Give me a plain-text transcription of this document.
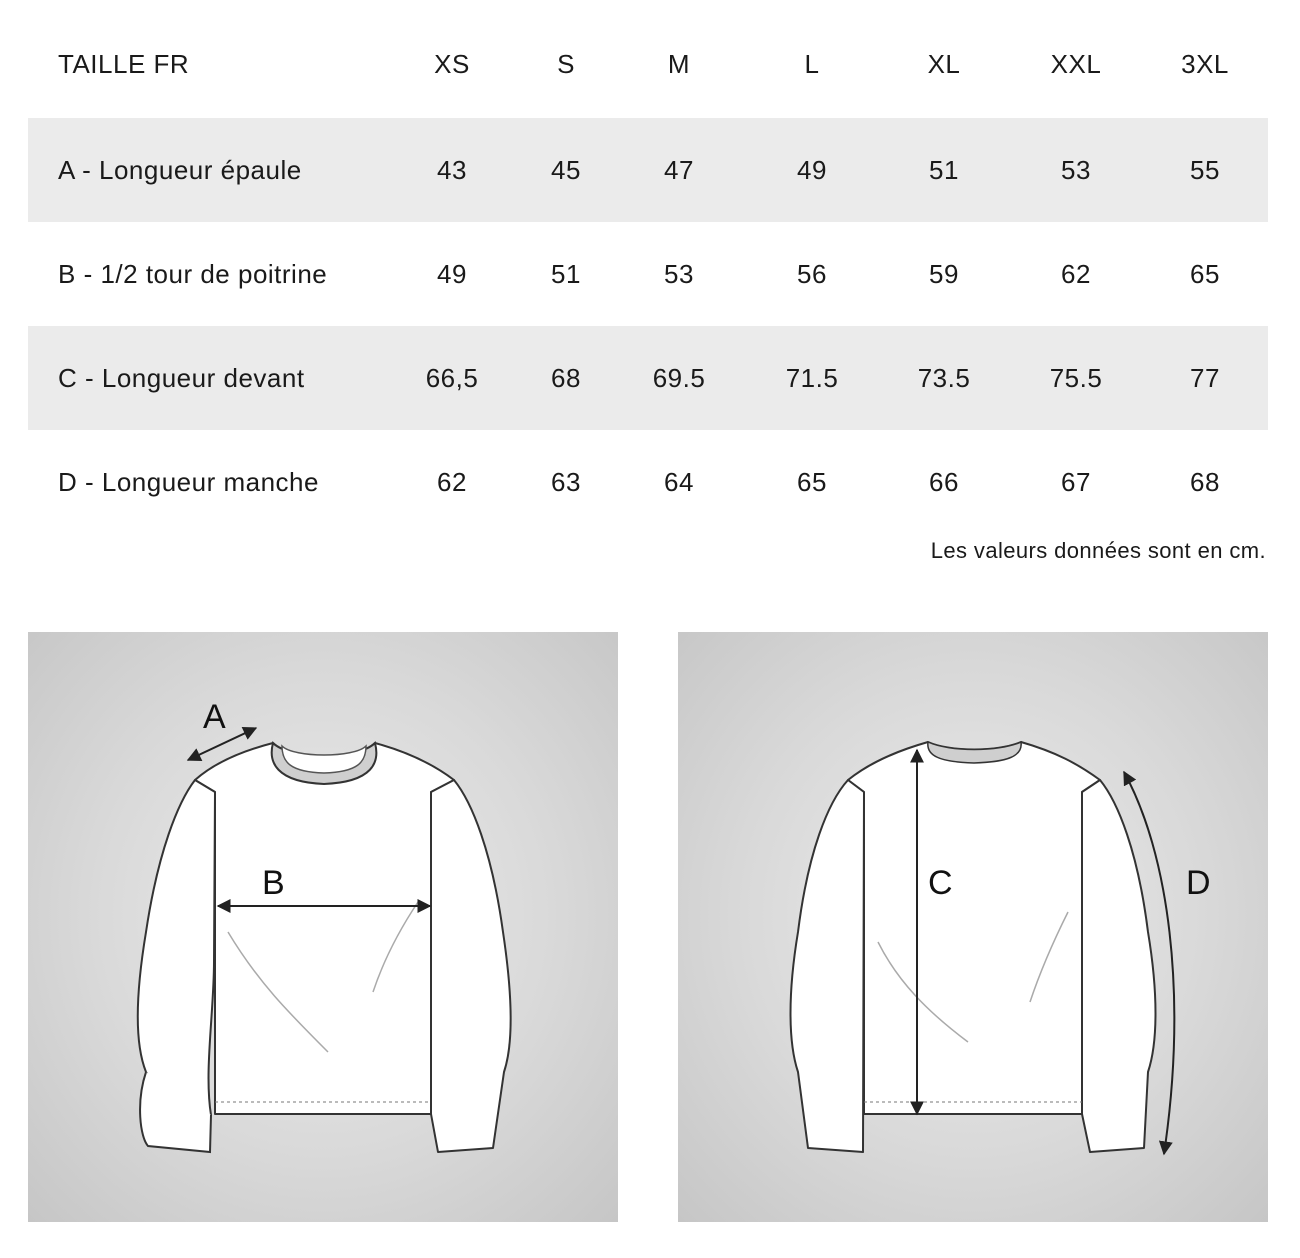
TAILLE FR	XS	S	M	L	XL	XXL	3XL
A - Longueur épaule	43	45	47	49	51	53	55
B - 1/2 tour de poitrine	49	51	53	56	59	62	65
C - Longueur devant	66,5	68	69.5	71.5	73.5	75.5	77
D - Longueur manche	62	63	64	65	66	67	68
Les valeurs données sont en cm.
A
B	C	D
